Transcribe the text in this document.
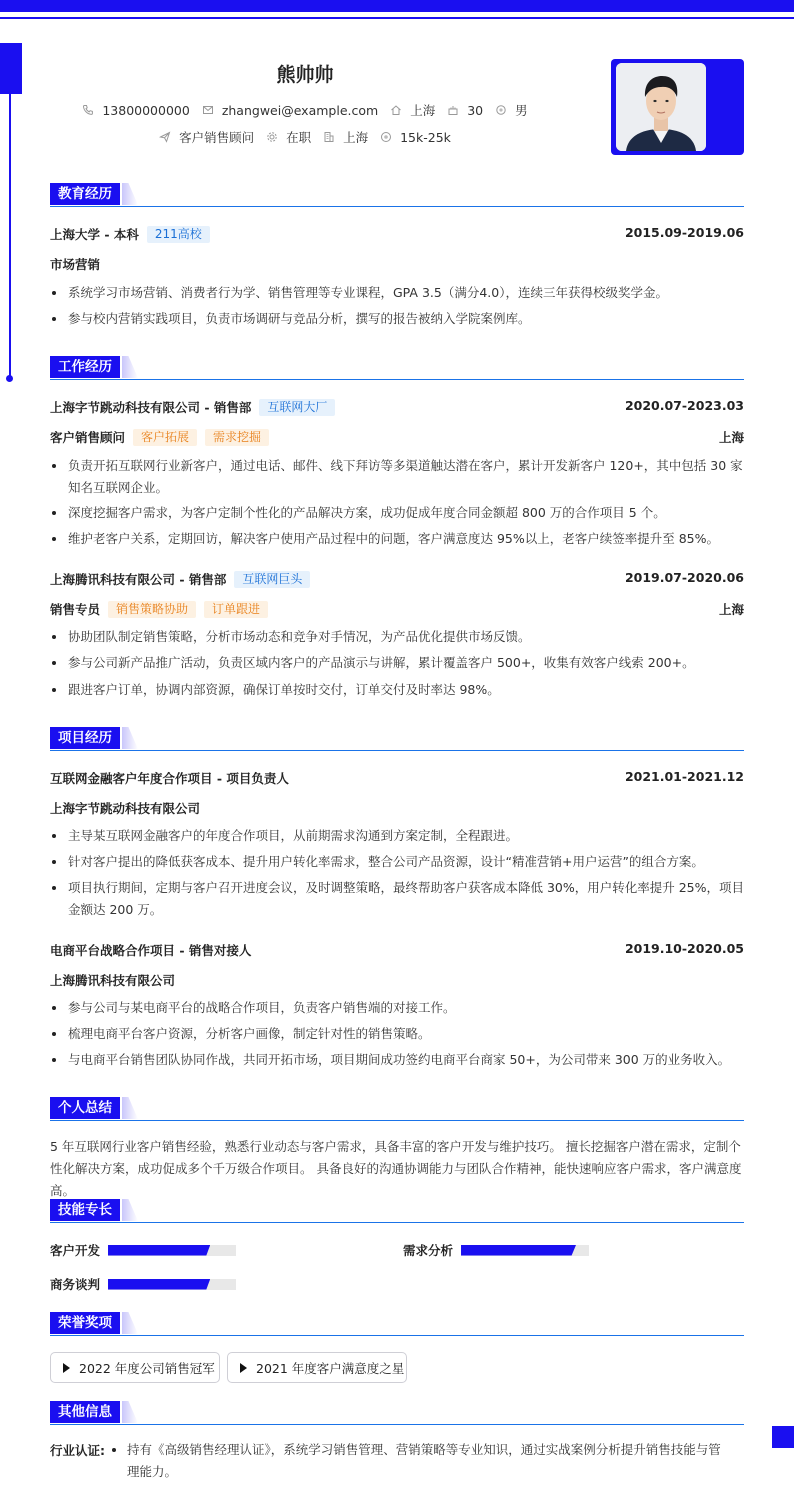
熊帅帅
13800000000	zhangwei@example.com	上海	30	男
客户销售顾问	在职	上海	15k-25k
教育经历
上海大学 - 本科 211高校	2015.09-2019.06
市场营销
系统学习市场营销、消费者行为学、销售管理等专业课程，GPA 3.5（满分4.0），连续三年获得校级奖学金。
参与校内营销实践项目，负责市场调研与竞品分析，撰写的报告被纳入学院案例库。
工作经历
上海字节跳动科技有限公司 - 销售部 互联网大厂	2020.07-2023.03
客户销售顾问 客户拓展 需求挖掘	上海
负责开拓互联网行业新客户，通过电话、邮件、线下拜访等多渠道触达潜在客户，累计开发新客户 120+，其中包括 30 家知名互联网企业。
深度挖掘客户需求，为客户定制个性化的产品解决方案，成功促成年度合同金额超 800 万的合作项目 5 个。
维护老客户关系，定期回访，解决客户使用产品过程中的问题，客户满意度达 95%以上，老客户续签率提升至 85%。
上海腾讯科技有限公司 - 销售部 互联网巨头	2019.07-2020.06
销售专员 销售策略协助 订单跟进	上海
协助团队制定销售策略，分析市场动态和竞争对手情况，为产品优化提供市场反馈。
参与公司新产品推广活动，负责区域内客户的产品演示与讲解，累计覆盖客户 500+，收集有效客户线索 200+。
跟进客户订单，协调内部资源，确保订单按时交付，订单交付及时率达 98%。
项目经历
互联网金融客户年度合作项目 - 项目负责人	2021.01-2021.12
上海字节跳动科技有限公司
主导某互联网金融客户的年度合作项目，从前期需求沟通到方案定制，全程跟进。
针对客户提出的降低获客成本、提升用户转化率需求，整合公司产品资源，设计“精准营销+用户运营”的组合方案。
项目执行期间，定期与客户召开进度会议，及时调整策略，最终帮助客户获客成本降低 30%，用户转化率提升 25%，项目金额达 200 万。
电商平台战略合作项目 - 销售对接人	2019.10-2020.05
上海腾讯科技有限公司
参与公司与某电商平台的战略合作项目，负责客户销售端的对接工作。
梳理电商平台客户资源，分析客户画像，制定针对性的销售策略。
与电商平台销售团队协同作战，共同开拓市场，项目期间成功签约电商平台商家 50+，为公司带来 300 万的业务收入。
个人总结
5 年互联网行业客户销售经验，熟悉行业动态与客户需求，具备丰富的客户开发与维护技巧。 擅长挖掘客户潜在需求，定制个性化解决方案，成功促成多个千万级合作项目。 具备良好的沟通协调能力与团队合作精神，能快速响应客户需求，客户满意度高。
技能专长
客户开发	需求分析
商务谈判
荣誉奖项
2022 年度公司销售冠军	2021 年度客户满意度之星
其他信息
行业认证:	持有《高级销售经理认证》，系统学习销售管理、营销策略等专业知识，通过实战案例分析提升销售技能与管理能力。
